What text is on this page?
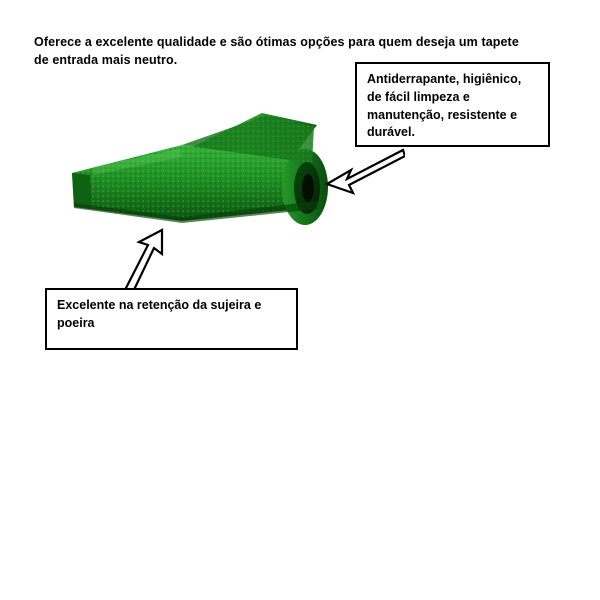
Oferece a excelente qualidade e são ótimas opções para quem deseja um tapete de entrada mais neutro.

Antiderrapante, higiênico, de fácil limpeza e manutenção, resistente e durável.
Excelente na retenção da sujeira e poeira
